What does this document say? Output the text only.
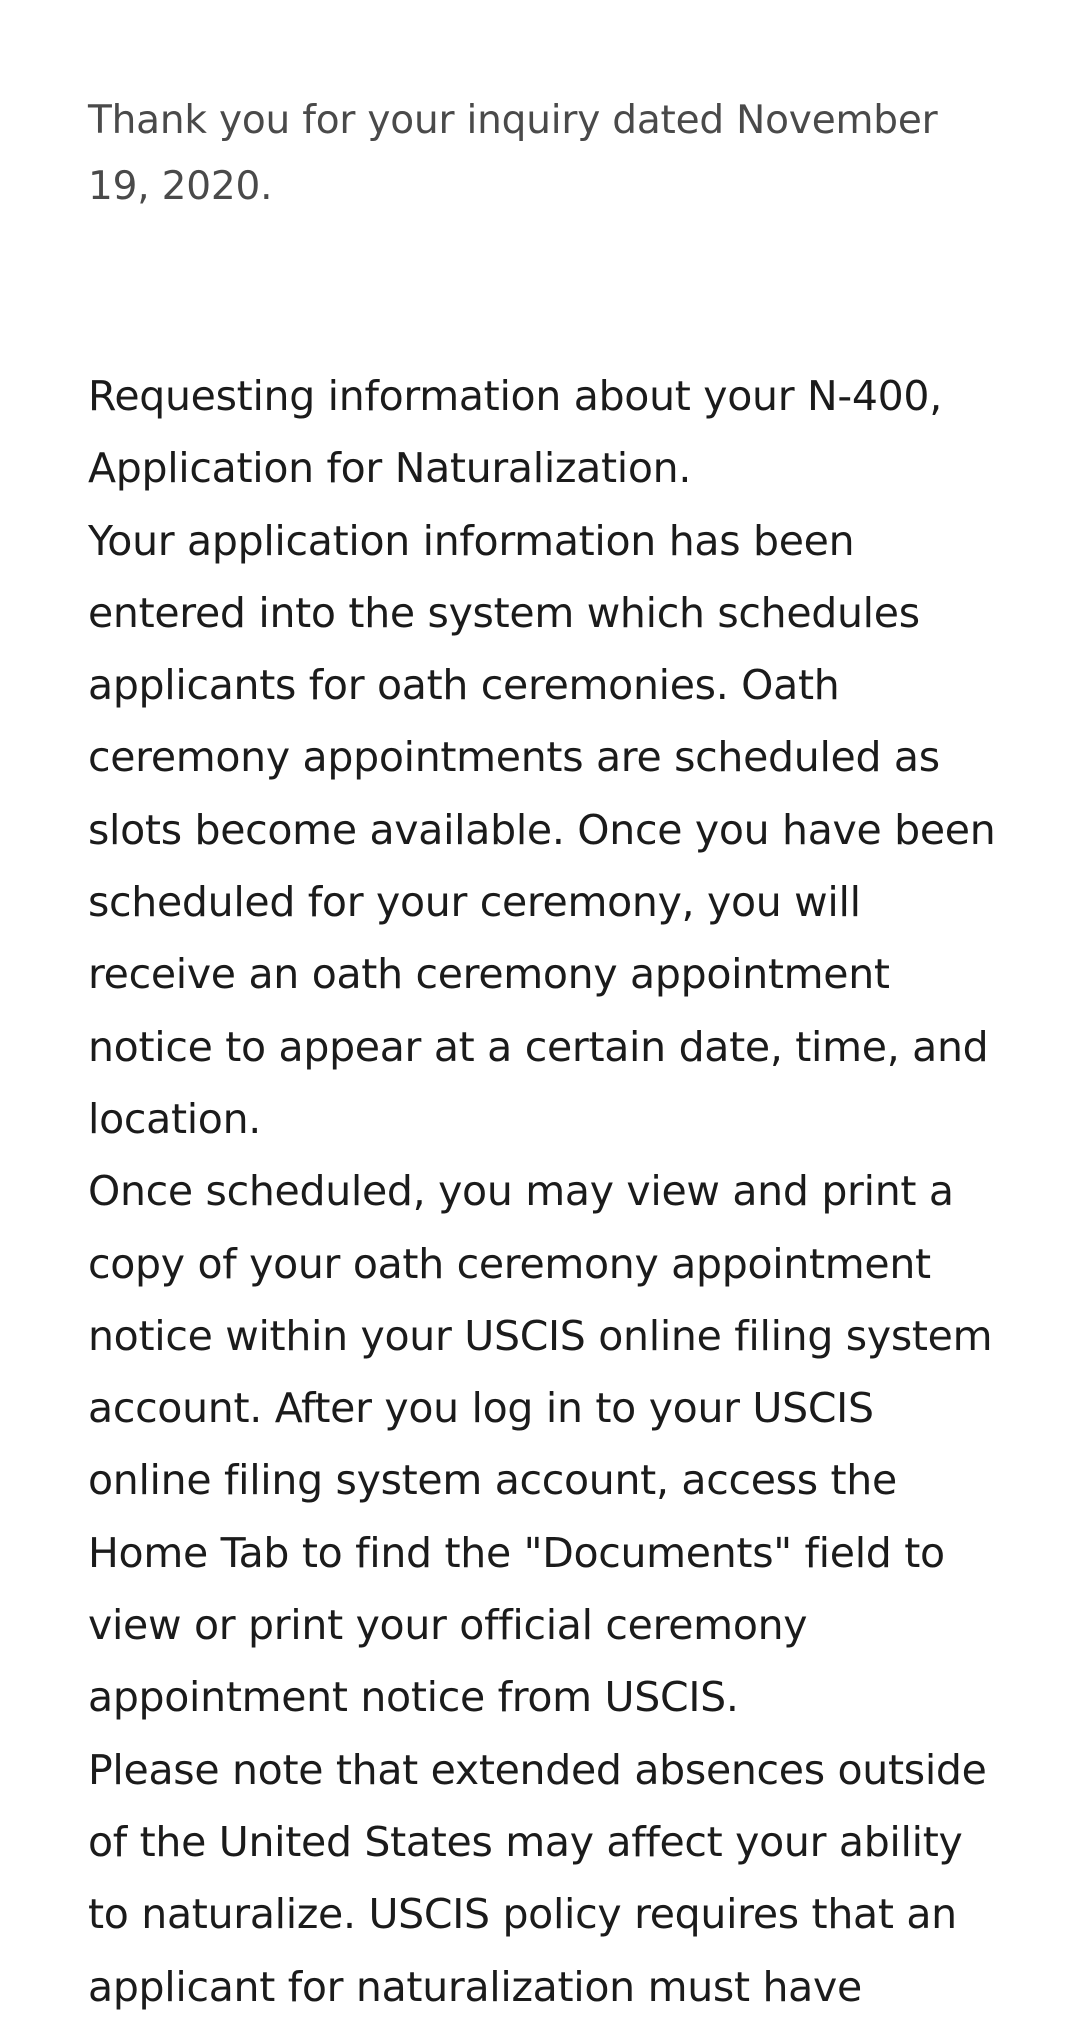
Thank you for your inquiry dated November 19, 2020.

Requesting information about your N-400, Application for Naturalization.

Your application information has been entered into the system which schedules applicants for oath ceremonies. Oath ceremony appointments are scheduled as slots become available. Once you have been scheduled for your ceremony, you will receive an oath ceremony appointment notice to appear at a certain date, time, and location.

Once scheduled, you may view and print a copy of your oath ceremony appointment notice within your USCIS online filing system account. After you log in to your USCIS online filing system account, access the Home Tab to find the "Documents" field to view or print your official ceremony appointment notice from USCIS.

Please note that extended absences outside of the United States may affect your ability to naturalize. USCIS policy requires that an applicant for naturalization must have
